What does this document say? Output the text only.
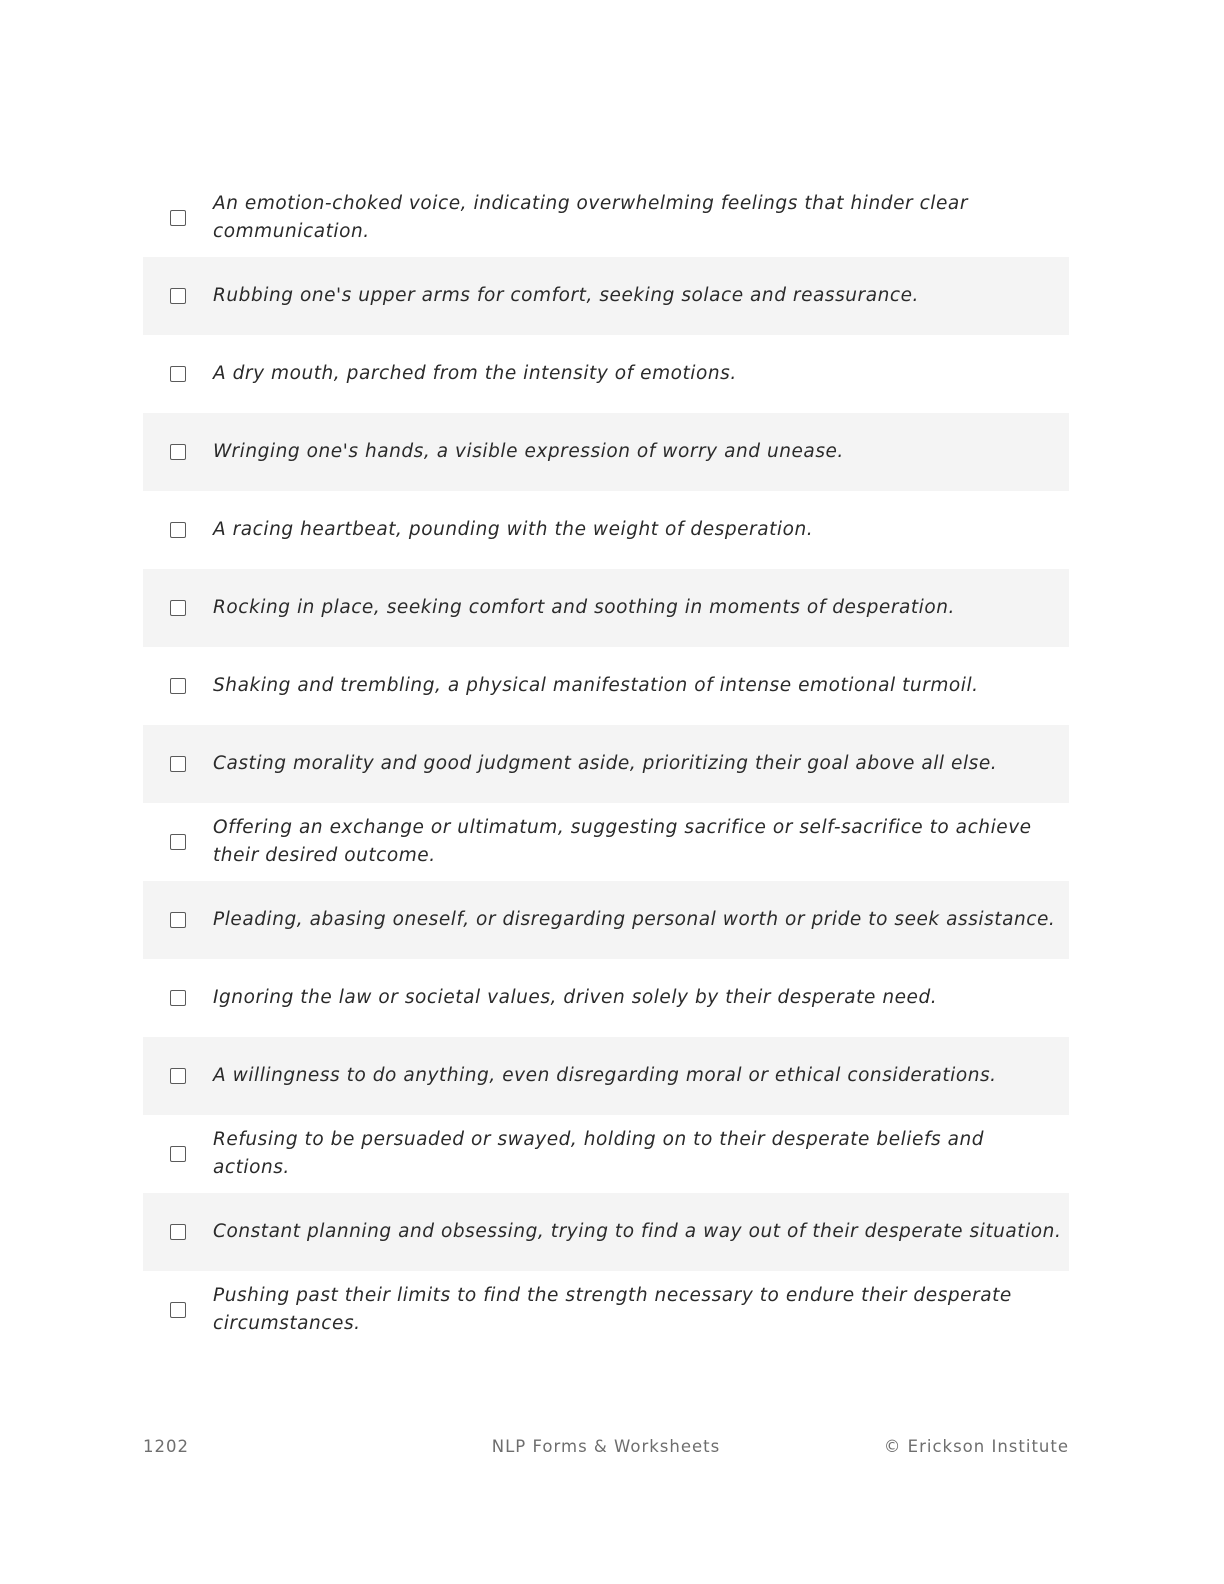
An emotion-choked voice, indicating overwhelming feelings that hinder clear communication.
Rubbing one's upper arms for comfort, seeking solace and reassurance.
A dry mouth, parched from the intensity of emotions.
Wringing one's hands, a visible expression of worry and unease.
A racing heartbeat, pounding with the weight of desperation.
Rocking in place, seeking comfort and soothing in moments of desperation.
Shaking and trembling, a physical manifestation of intense emotional turmoil.
Casting morality and good judgment aside, prioritizing their goal above all else.
Offering an exchange or ultimatum, suggesting sacrifice or self-sacrifice to achieve their desired outcome.
Pleading, abasing oneself, or disregarding personal worth or pride to seek assistance.
Ignoring the law or societal values, driven solely by their desperate need.
A willingness to do anything, even disregarding moral or ethical considerations.
Refusing to be persuaded or swayed, holding on to their desperate beliefs and actions.
Constant planning and obsessing, trying to find a way out of their desperate situation.
Pushing past their limits to find the strength necessary to endure their desperate circumstances.
1202	NLP Forms & Worksheets	© Erickson Institute
